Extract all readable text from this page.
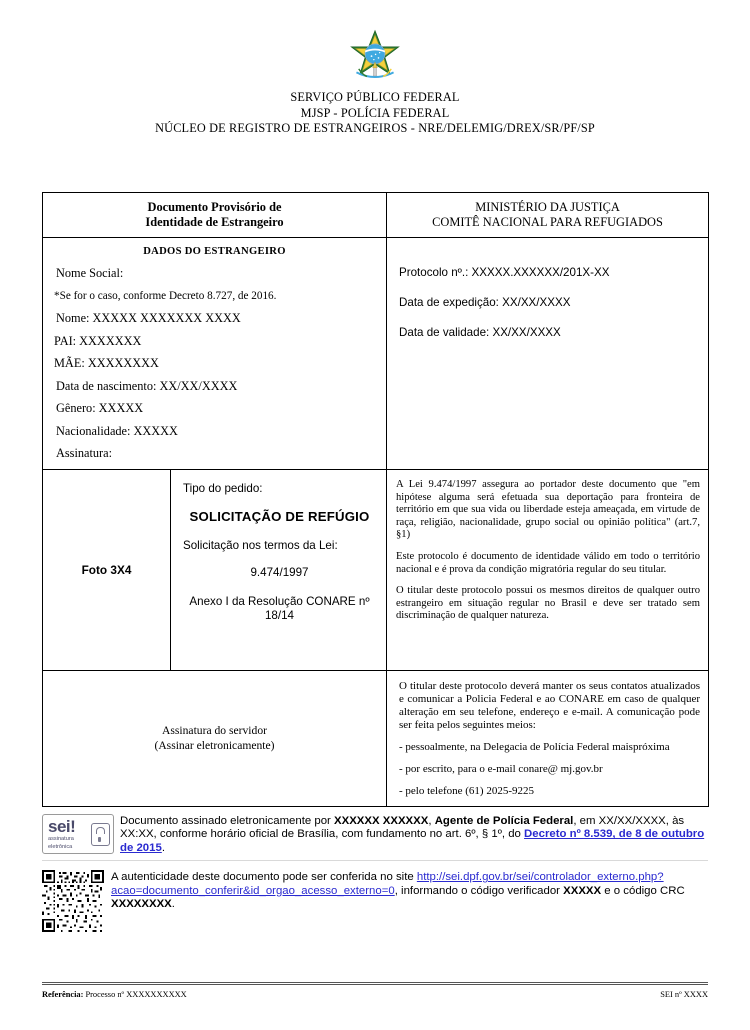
SERVIÇO PÚBLICO FEDERAL
MJSP - POLÍCIA FEDERAL
NÚCLEO DE REGISTRO DE ESTRANGEIROS - NRE/DELEMIG/DREX/SR/PF/SP
Documento Provisório de
Identidade de Estrangeiro

MINISTÉRIO DA JUSTIÇA
COMITÊ NACIONAL PARA REFUGIADOS

DADOS DO ESTRANGEIRO
Nome Social:
*Se for o caso, conforme Decreto 8.727, de 2016.
Nome: XXXXX XXXXXXX XXXX
PAI: XXXXXXX
MÃE: XXXXXXXX
Data de nascimento: XX/XX/XXXX
Gênero: XXXXX
Nacionalidade: XXXXX
Assinatura:

Protocolo nº.: XXXXX.XXXXXX/201X-XX
Data de expedição: XX/XX/XXXX
Data de validade: XX/XX/XXXX

Foto 3X4	
Tipo do pedido:
SOLICITAÇÃO DE REFÚGIO
Solicitação nos termos da Lei:
9.474/1997
Anexo I da Resolução CONARE nº 18/14

A Lei 9.474/1997 assegura ao portador deste documento que "em hipótese alguma será efetuada sua deportação para fronteira de território em que sua vida ou liberdade esteja ameaçada, em virtude de raça, religião, nacionalidade, grupo social ou opinião política" (art.7, §1)
Este protocolo é documento de identidade válido em todo o território nacional e é prova da condição migratória regular do seu titular.
O titular deste protocolo possui os mesmos direitos de qualquer outro estrangeiro em situação regular no Brasil e deve ser tratado sem discriminação de qualquer natureza.

Assinatura do servidor
(Assinar eletronicamente)

O titular deste protocolo deverá manter os seus contatos atualizados e comunicar a Policia Federal e ao CONARE em caso de qualquer alteração em seu telefone, endereço e e-mail. A comunicação pode ser feita pelos seguintes meios:
- pessoalmente, na Delegacia de Polícia Federal maispróxima
- por escrito, para o e-mail conare@ mj.gov.br
- pelo telefone (61) 2025-9225
sei!
assinatura
eletrônica
Documento assinado eletronicamente por XXXXXX XXXXXX, Agente de Polícia Federal, em XX/XX/XXXX, às XX:XX, conforme horário oficial de Brasília, com fundamento no art. 6º, § 1º, do Decreto nº 8.539, de 8 de outubro de 2015.
A autenticidade deste documento pode ser conferida no site http://sei.dpf.gov.br/sei/controlador_externo.php?acao=documento_conferir&id_orgao_acesso_externo=0, informando o código verificador XXXXX e o código CRC XXXXXXXX.
Referência: Processo nº XXXXXXXXXX	SEI nº XXXX
